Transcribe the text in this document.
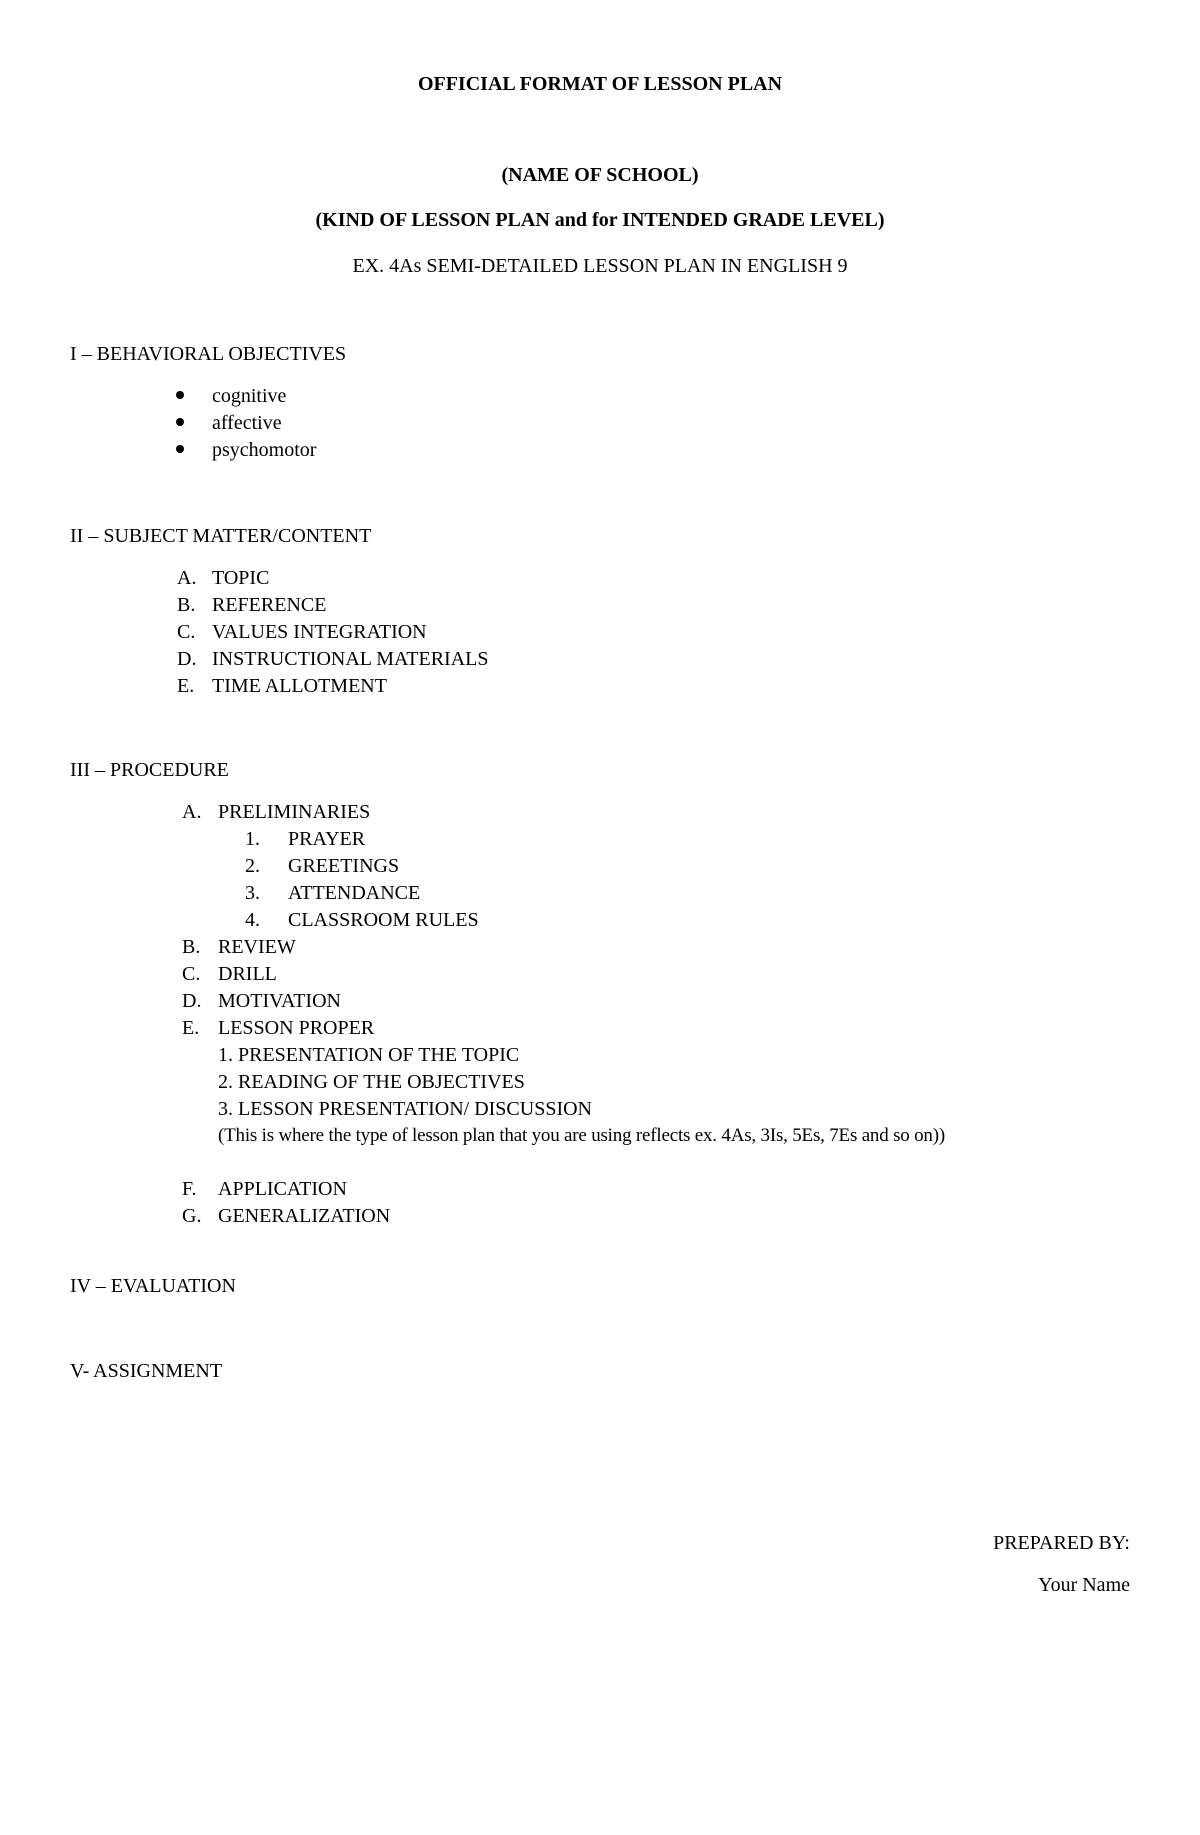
OFFICIAL FORMAT OF LESSON PLAN
(NAME OF SCHOOL)
(KIND OF LESSON PLAN and for INTENDED GRADE LEVEL)
EX. 4As SEMI-DETAILED LESSON PLAN IN ENGLISH 9
I – BEHAVIORAL OBJECTIVES
cognitive
affective
psychomotor
II – SUBJECT MATTER/CONTENT
A. TOPIC
B. REFERENCE
C. VALUES INTEGRATION
D. INSTRUCTIONAL MATERIALS
E. TIME ALLOTMENT
III – PROCEDURE
A. PRELIMINARIES
1. PRAYER
2. GREETINGS
3. ATTENDANCE
4. CLASSROOM RULES
B. REVIEW
C. DRILL
D. MOTIVATION
E. LESSON PROPER
1. PRESENTATION OF THE TOPIC
2. READING OF THE OBJECTIVES
3. LESSON PRESENTATION/ DISCUSSION
(This is where the type of lesson plan that you are using reflects ex. 4As, 3Is, 5Es, 7Es and so on))
F. APPLICATION
G. GENERALIZATION
IV – EVALUATION
V- ASSIGNMENT
PREPARED BY:
Your Name
